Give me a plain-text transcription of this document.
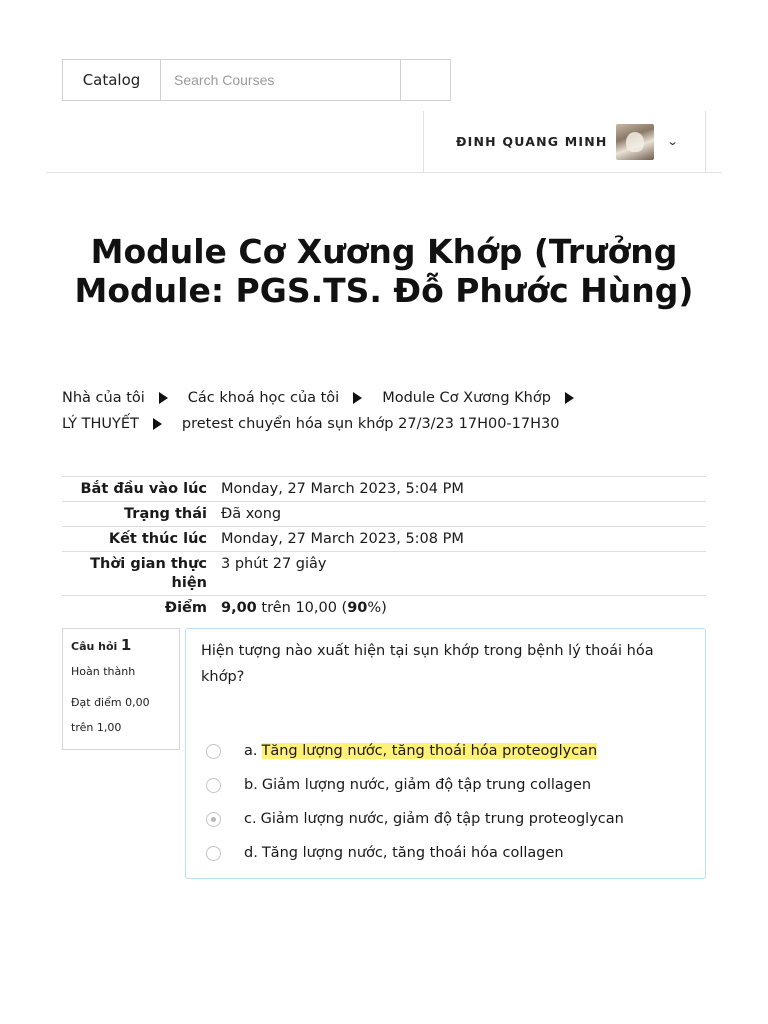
Catalog
Search Courses
ĐINH QUANG MINH	⌄
Module Cơ Xương Khớp (Trưởng Module: PGS.TS. Đỗ Phước Hùng)
Nhà của tôi	Các khoá học của tôi	Module Cơ Xương Khớp
LÝ THUYẾT	pretest chuyển hóa sụn khớp 27/3/23 17H00-17H30
Bắt đầu vào lúc	Monday, 27 March 2023, 5:04 PM
Trạng thái	Đã xong
Kết thúc lúc	Monday, 27 March 2023, 5:08 PM
Thời gian thực hiện	3 phút 27 giây
Điểm	9,00 trên 10,00 (90%)
Câu hỏi 1
Hoàn thành
Đạt điểm 0,00
trên 1,00
Hiện tượng nào xuất hiện tại sụn khớp trong bệnh lý thoái hóa khớp?
a. Tăng lượng nước, tăng thoái hóa proteoglycan
b. Giảm lượng nước, giảm độ tập trung collagen
c. Giảm lượng nước, giảm độ tập trung proteoglycan
d. Tăng lượng nước, tăng thoái hóa collagen
